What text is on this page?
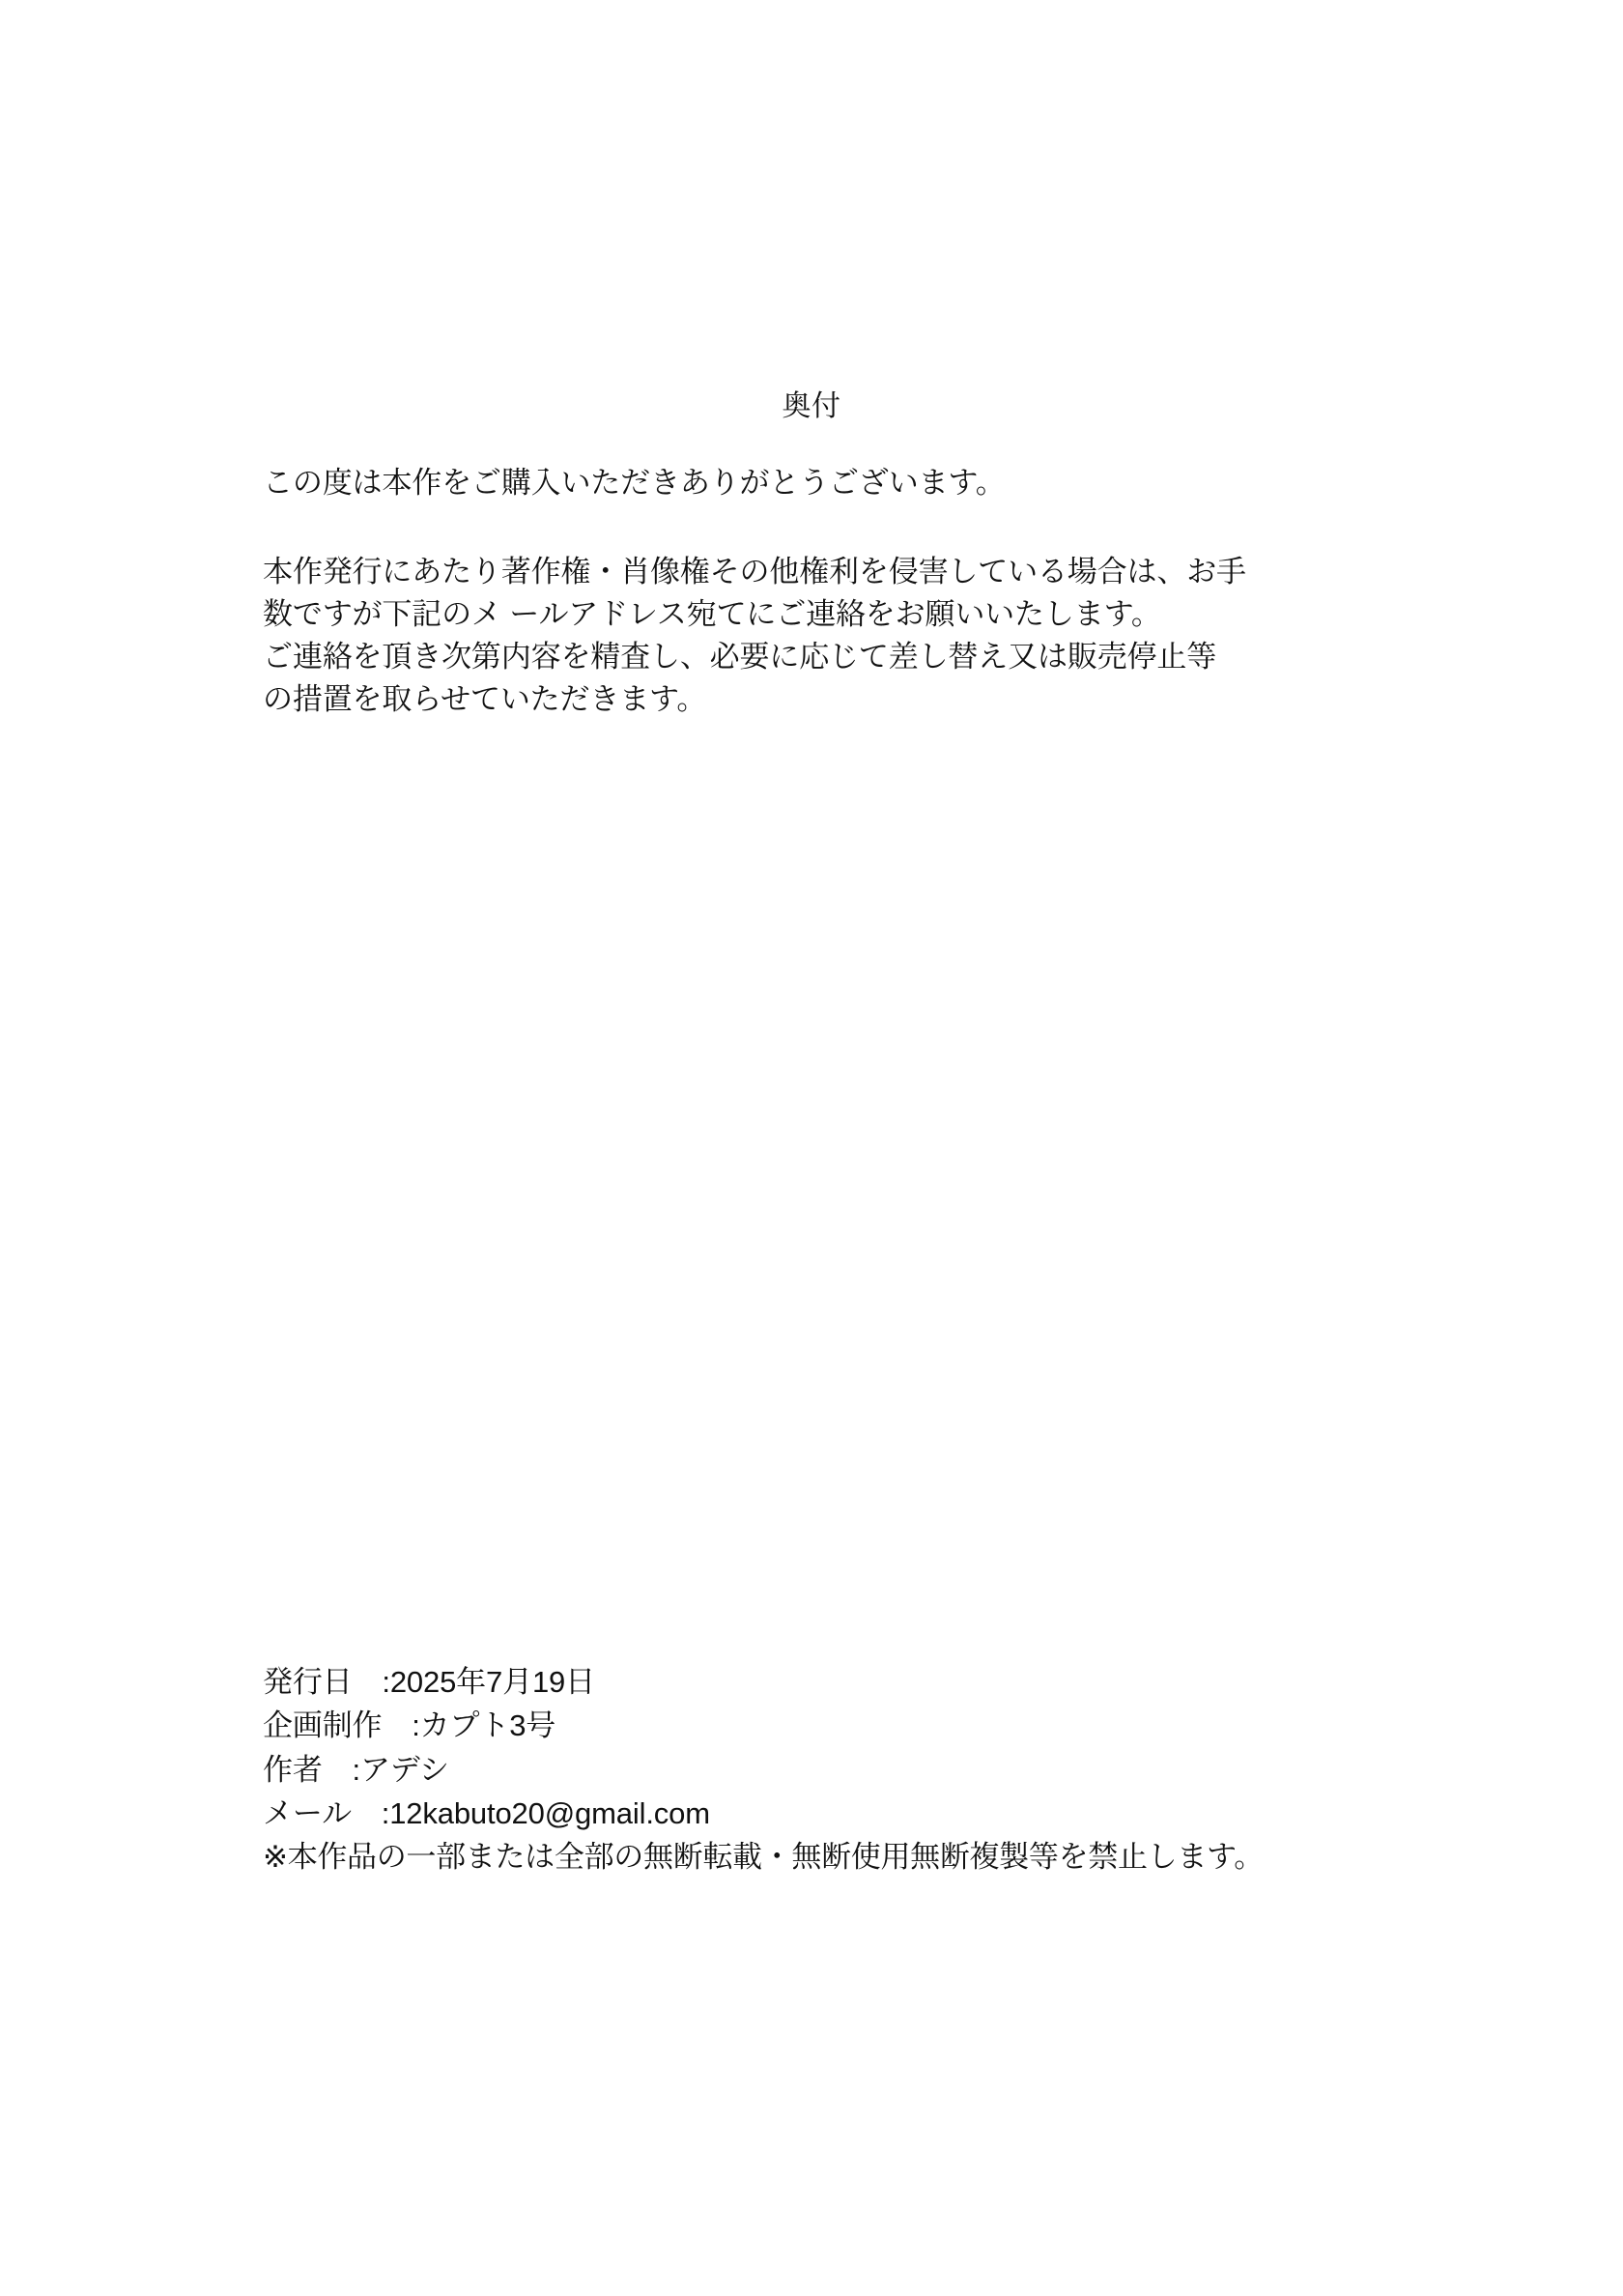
奥付
この度は本作をご購入いただきありがとうございます。
本作発行にあたり著作権・肖像権その他権利を侵害している場合は、お手
数ですが下記のメ ールアドレス宛てにご連絡をお願いいたします。
ご連絡を頂き次第内容を精査し、必要に応じて差し替え又は販売停止等
の措置を取らせていただきます。
発行日　:2025年7月19日
企画制作　:カプト3号
作者　:アデシ
メール　:12kabuto20@gmail.com
※本作品の一部または全部の無断転載・無断使用無断複製等を禁止します。
